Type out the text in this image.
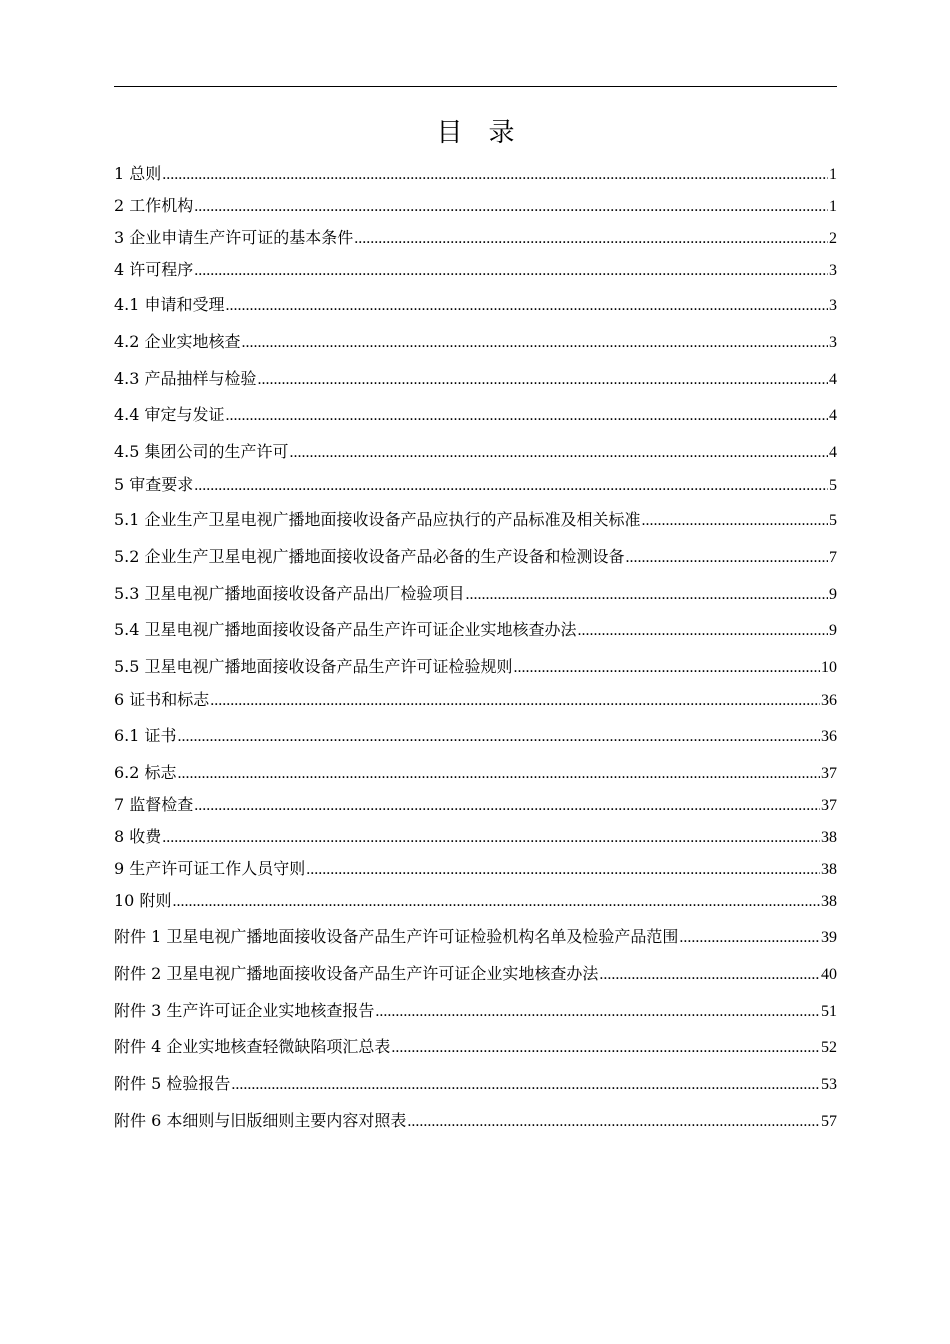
目　录
1 总则 .....	1
2 工作机构 .....	1
3 企业申请生产许可证的基本条件 .....	2
4 许可程序 .....	3
4.1 申请和受理 .....	3
4.2 企业实地核查 .....	3
4.3 产品抽样与检验 .....	4
4.4 审定与发证 .....	4
4.5 集团公司的生产许可 .....	4
5 审查要求 .....	5
5.1 企业生产卫星电视广播地面接收设备产品应执行的产品标准及相关标准 .....	5
5.2 企业生产卫星电视广播地面接收设备产品必备的生产设备和检测设备 .....	7
5.3 卫星电视广播地面接收设备产品出厂检验项目 .....	9
5.4 卫星电视广播地面接收设备产品生产许可证企业实地核查办法 .....	9
5.5 卫星电视广播地面接收设备产品生产许可证检验规则 .....	10
6 证书和标志 .....	36
6.1 证书 .....	36
6.2 标志 .....	37
7 监督检查 .....	37
8 收费 .....	38
9 生产许可证工作人员守则 .....	38
10 附则 .....	38
附件 1 卫星电视广播地面接收设备产品生产许可证检验机构名单及检验产品范围 .....	39
附件 2 卫星电视广播地面接收设备产品生产许可证企业实地核查办法 .....	40
附件 3 生产许可证企业实地核查报告 .....	51
附件 4 企业实地核查轻微缺陷项汇总表 .....	52
附件 5 检验报告 .....	53
附件 6 本细则与旧版细则主要内容对照表 .....	57
